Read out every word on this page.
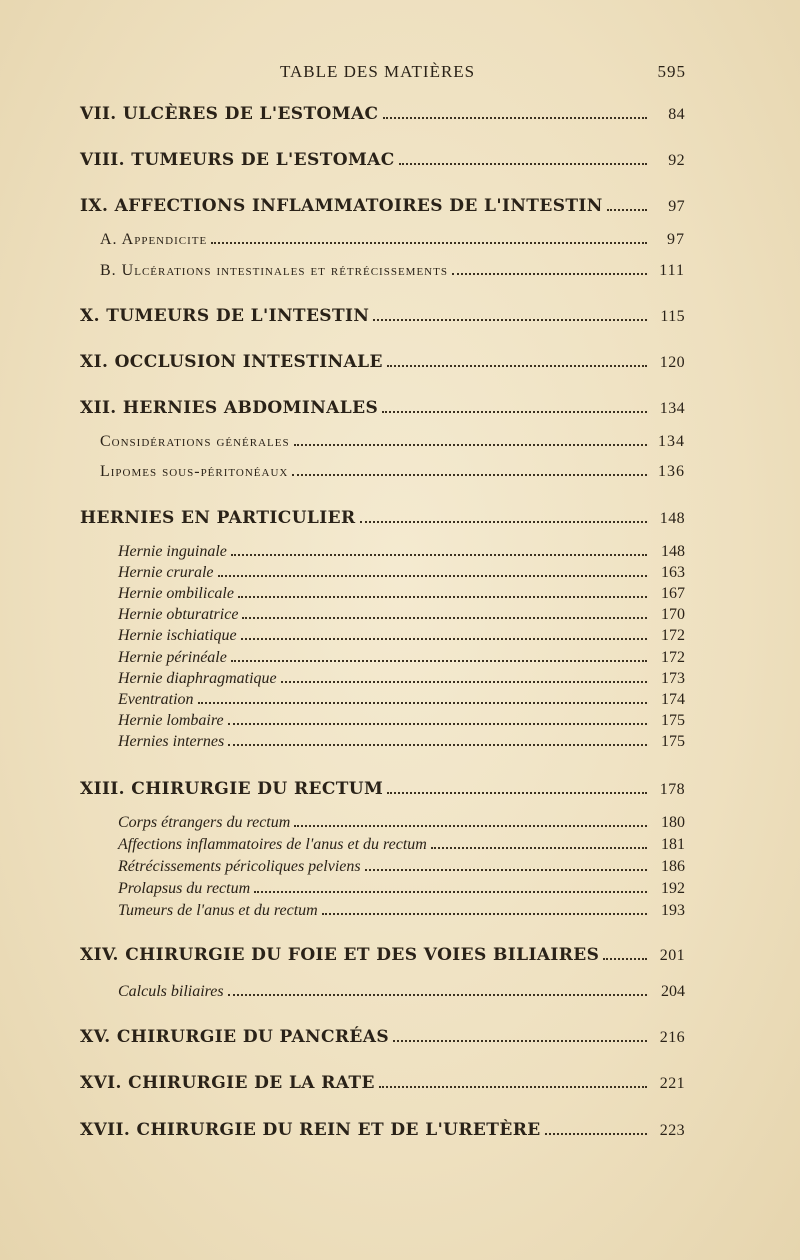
TABLE DES MATIÈRES	595
VII. ULCÈRES DE L'ESTOMAC	84
VIII. TUMEURS DE L'ESTOMAC	92
IX. AFFECTIONS INFLAMMATOIRES DE L'INTESTIN	97
A. Appendicite	97
B. Ulcérations intestinales et rétrécissements	111
X. TUMEURS DE L'INTESTIN	115
XI. OCCLUSION INTESTINALE	120
XII. HERNIES ABDOMINALES	134
Considérations générales	134
Lipomes sous-péritonéaux	136
HERNIES EN PARTICULIER	148
Hernie inguinale	148
Hernie crurale	163
Hernie ombilicale	167
Hernie obturatrice	170
Hernie ischiatique	172
Hernie périnéale	172
Hernie diaphragmatique	173
Eventration	174
Hernie lombaire	175
Hernies internes	175
XIII. CHIRURGIE DU RECTUM	178
Corps étrangers du rectum	180
Affections inflammatoires de l'anus et du rectum	181
Rétrécissements péricoliques pelviens	186
Prolapsus du rectum	192
Tumeurs de l'anus et du rectum	193
XIV. CHIRURGIE DU FOIE ET DES VOIES BILIAIRES	201
Calculs biliaires	204
XV. CHIRURGIE DU PANCRÉAS	216
XVI. CHIRURGIE DE LA RATE	221
XVII. CHIRURGIE DU REIN ET DE L'URETÈRE	223
